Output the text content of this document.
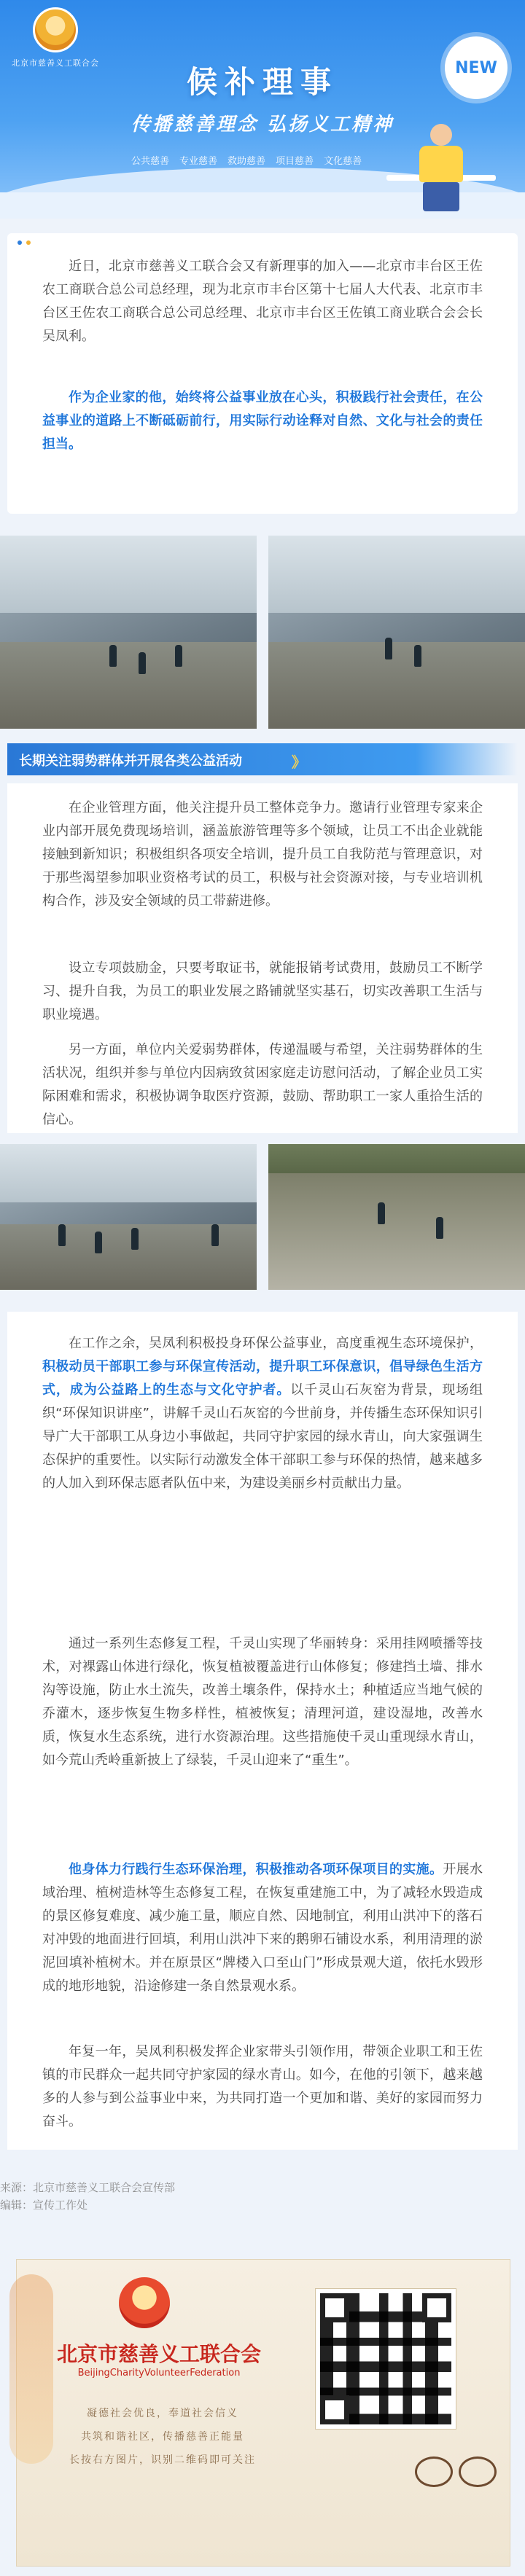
北京市慈善义工联合会	NEW
候补理事
传播慈善理念 弘扬义工精神
公共慈善 专业慈善 救助慈善 项目慈善 文化慈善

近日，北京市慈善义工联合会又有新理事的加入——北京市丰台区王佐农工商联合总公司总经理，现为北京市丰台区第十七届人大代表、北京市丰台区王佐农工商联合总公司总经理、北京市丰台区王佐镇工商业联合会会长吴凤利。

作为企业家的他，始终将公益事业放在心头，积极践行社会责任，在公益事业的道路上不断砥砺前行，用实际行动诠释对自然、文化与社会的责任担当。

长期关注弱势群体并开展各类公益活动	》

在企业管理方面，他关注提升员工整体竞争力。邀请行业管理专家来企业内部开展免费现场培训，涵盖旅游管理等多个领域，让员工不出企业就能接触到新知识；积极组织各项安全培训，提升员工自我防范与管理意识，对于那些渴望参加职业资格考试的员工，积极与社会资源对接，与专业培训机构合作，涉及安全领域的员工带薪进修。

设立专项鼓励金，只要考取证书，就能报销考试费用，鼓励员工不断学习、提升自我，为员工的职业发展之路铺就坚实基石，切实改善职工生活与职业境遇。

另一方面，单位内关爱弱势群体，传递温暖与希望，关注弱势群体的生活状况，组织并参与单位内因病致贫困家庭走访慰问活动，了解企业员工实际困难和需求，积极协调争取医疗资源，鼓励、帮助职工一家人重拾生活的信心。

在工作之余，吴凤利积极投身环保公益事业，高度重视生态环境保护，积极动员干部职工参与环保宣传活动，提升职工环保意识，倡导绿色生活方式，成为公益路上的生态与文化守护者。以千灵山石灰窑为背景，现场组织“环保知识讲座”，讲解千灵山石灰窑的今世前身，并传播生态环保知识引导广大干部职工从身边小事做起，共同守护家园的绿水青山，向大家强调生态保护的重要性。以实际行动激发全体干部职工参与环保的热情，越来越多的人加入到环保志愿者队伍中来，为建设美丽乡村贡献出力量。

通过一系列生态修复工程，千灵山实现了华丽转身：采用挂网喷播等技术，对裸露山体进行绿化，恢复植被覆盖进行山体修复；修建挡土墙、排水沟等设施，防止水土流失，改善土壤条件，保持水土；种植适应当地气候的乔灌木，逐步恢复生物多样性，植被恢复；清理河道，建设湿地，改善水质，恢复水生态系统，进行水资源治理。这些措施使千灵山重现绿水青山，如今荒山秃岭重新披上了绿装，千灵山迎来了“重生”。

他身体力行践行生态环保治理，积极推动各项环保项目的实施。开展水域治理、植树造林等生态修复工程，在恢复重建施工中，为了减轻水毁造成的景区修复难度、减少施工量，顺应自然、因地制宜，利用山洪冲下的落石对冲毁的地面进行回填，利用山洪冲下来的鹅卵石铺设水系，利用清理的淤泥回填补植树木。并在原景区“牌楼入口至山门”形成景观大道，依托水毁形成的地形地貌，沿途修建一条自然景观水系。

年复一年，吴凤利积极发挥企业家带头引领作用，带领企业职工和王佐镇的市民群众一起共同守护家园的绿水青山。如今，在他的引领下，越来越多的人参与到公益事业中来，为共同打造一个更加和谐、美好的家园而努力奋斗。

来源：北京市慈善义工联合会宣传部
编辑：宣传工作处
北京市慈善义工联合会
BeijingCharityVolunteerFederation
凝德社会优良，奉道社会信义
共筑和谐社区，传播慈善正能量
长按右方图片，识别二维码即可关注
